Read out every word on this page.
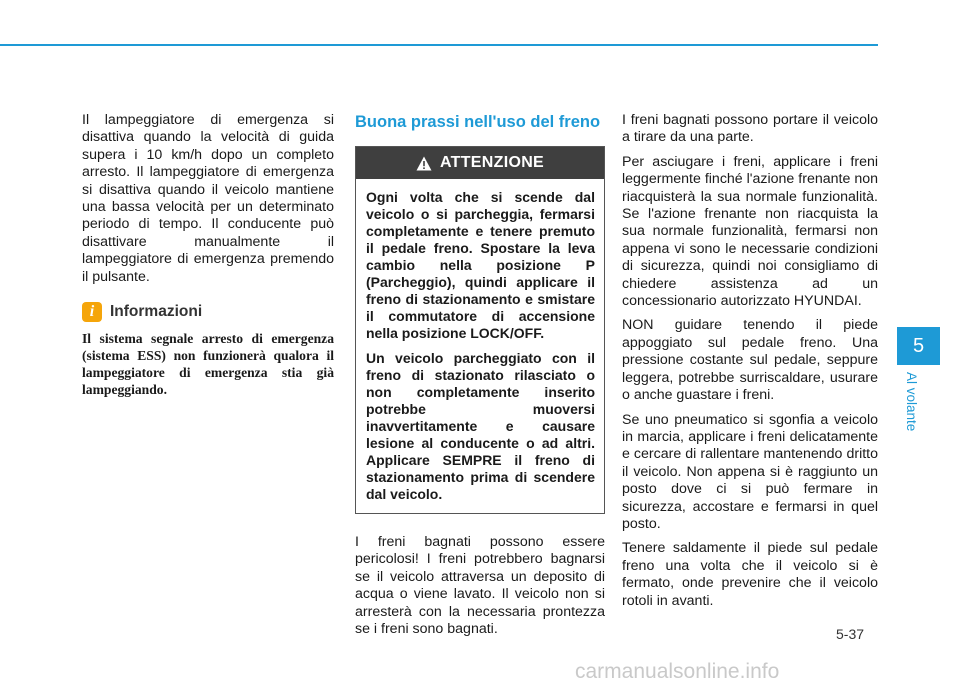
Il lampeggiatore di emergenza si disattiva quando la velocità di guida supera i 10 km/h dopo un completo arresto. Il lampeggiatore di emergenza si disattiva quando il veicolo mantiene una bassa velocità per un determinato periodo di tempo. Il conducente può disattivare manualmente il lampeggiatore di emergenza premendo il pulsante.

i	Informazioni

Il sistema segnale arresto di emergenza (sistema ESS) non funzionerà qualora il lampeggiatore di emergenza stia già lampeggiando.

Buona prassi nell'uso del freno
ATTENZIONE

Ogni volta che si scende dal veicolo o si parcheggia, fermarsi completamente e tenere premuto il pedale freno. Spostare la leva cambio nella posizione P (Parcheggio), quindi applicare il freno di stazionamento e smistare il commutatore di accensione nella posizione LOCK/OFF.

Un veicolo parcheggiato con il freno di stazionato rilasciato o non completamente inserito potrebbe muoversi inavvertitamente e causare lesione al conducente o ad altri. Applicare SEMPRE il freno di stazionamento prima di scendere dal veicolo.

I freni bagnati possono essere pericolosi! I freni potrebbero bagnarsi se il veicolo attraversa un deposito di acqua o viene lavato. Il veicolo non si arresterà con la necessaria prontezza se i freni sono bagnati.

I freni bagnati possono portare il veicolo a tirare da una parte.

Per asciugare i freni, applicare i freni leggermente finché l'azione frenante non riacquisterà la sua normale funzionalità. Se l'azione frenante non riacquista la sua normale funzionalità, fermarsi non appena vi sono le necessarie condizioni di sicurezza, quindi noi consigliamo di chiedere assistenza ad un concessionario autorizzato HYUNDAI.

NON guidare tenendo il piede appoggiato sul pedale freno. Una pressione costante sul pedale, seppure leggera, potrebbe surriscaldare, usurare o anche guastare i freni.

Se uno pneumatico si sgonfia a veicolo in marcia, applicare i freni delicatamente e cercare di rallentare mantenendo dritto il veicolo. Non appena si è raggiunto un posto dove ci si può fermare in sicurezza, accostare e fermarsi in quel posto.

Tenere saldamente il piede sul pedale freno una volta che il veicolo si è fermato, onde prevenire che il veicolo rotoli in avanti.

5
Al volante
5-37
carmanualsonline.info
